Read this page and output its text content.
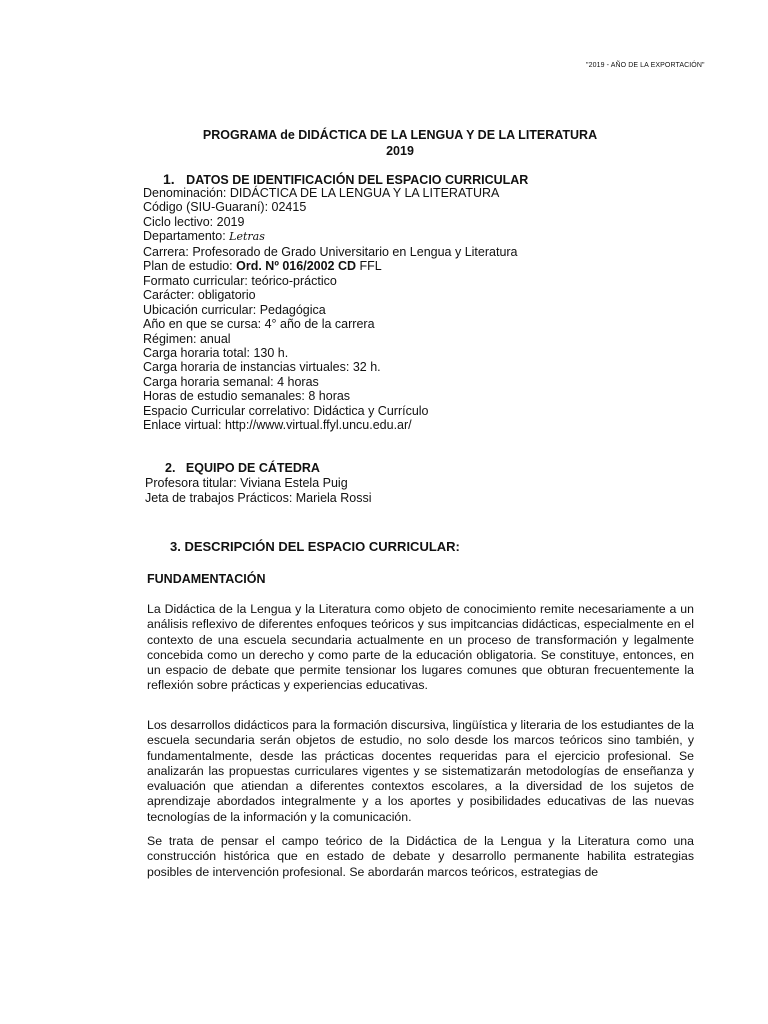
"2019 - AÑO DE LA EXPORTACIÓN"
PROGRAMA de DIDÁCTICA DE LA LENGUA Y DE LA LITERATURA
2019
1. DATOS DE IDENTIFICACIÓN DEL ESPACIO CURRICULAR
Denominación: DIDÁCTICA DE LA LENGUA Y LA LITERATURA
Código (SIU-Guaraní): 02415
Ciclo lectivo: 2019
Departamento: Letras
Carrera: Profesorado de Grado Universitario en Lengua y Literatura
Plan de estudio: Ord. Nº 016/2002 CD FFL
Formato curricular: teórico-práctico
Carácter: obligatorio
Ubicación curricular: Pedagógica
Año en que se cursa: 4° año de la carrera
Régimen: anual
Carga horaria total: 130 h.
Carga horaria de instancias virtuales: 32 h.
Carga horaria semanal: 4 horas
Horas de estudio semanales: 8 horas
Espacio Curricular correlativo: Didáctica y Currículo
Enlace virtual: http://www.virtual.ffyl.uncu.edu.ar/
2. EQUIPO DE CÁTEDRA
Profesora titular: Viviana Estela Puig
Jeta de trabajos Prácticos: Mariela Rossi
3. DESCRIPCIÓN DEL ESPACIO CURRICULAR:
FUNDAMENTACIÓN
La Didáctica de la Lengua y la Literatura como objeto de conocimiento remite necesariamente a un análisis reflexivo de diferentes enfoques teóricos y sus impitcancias didácticas, especialmente en el contexto de una escuela secundaria actualmente en un proceso de transformación y legalmente concebida como un derecho y como parte de la educación obligatoria. Se constituye, entonces, en un espacio de debate que permite tensionar los lugares comunes que obturan frecuentemente la reflexión sobre prácticas y experiencias educativas.
Los desarrollos didácticos para la formación discursiva, lingüística y literaria de los estudiantes de la escuela secundaria serán objetos de estudio, no solo desde los marcos teóricos sino también, y fundamentalmente, desde las prácticas docentes requeridas para el ejercicio profesional. Se analizarán las propuestas curriculares vigentes y se sistematizarán metodologías de enseñanza y evaluación que atiendan a diferentes contextos escolares, a la diversidad de los sujetos de aprendizaje abordados integralmente y a los aportes y posibilidades educativas de las nuevas tecnologías de la información y la comunicación.
Se trata de pensar el campo teórico de la Didáctica de la Lengua y la Literatura como una construcción histórica que en estado de debate y desarrollo permanente habilita estrategias posibles de intervención profesional. Se abordarán marcos teóricos, estrategias de
